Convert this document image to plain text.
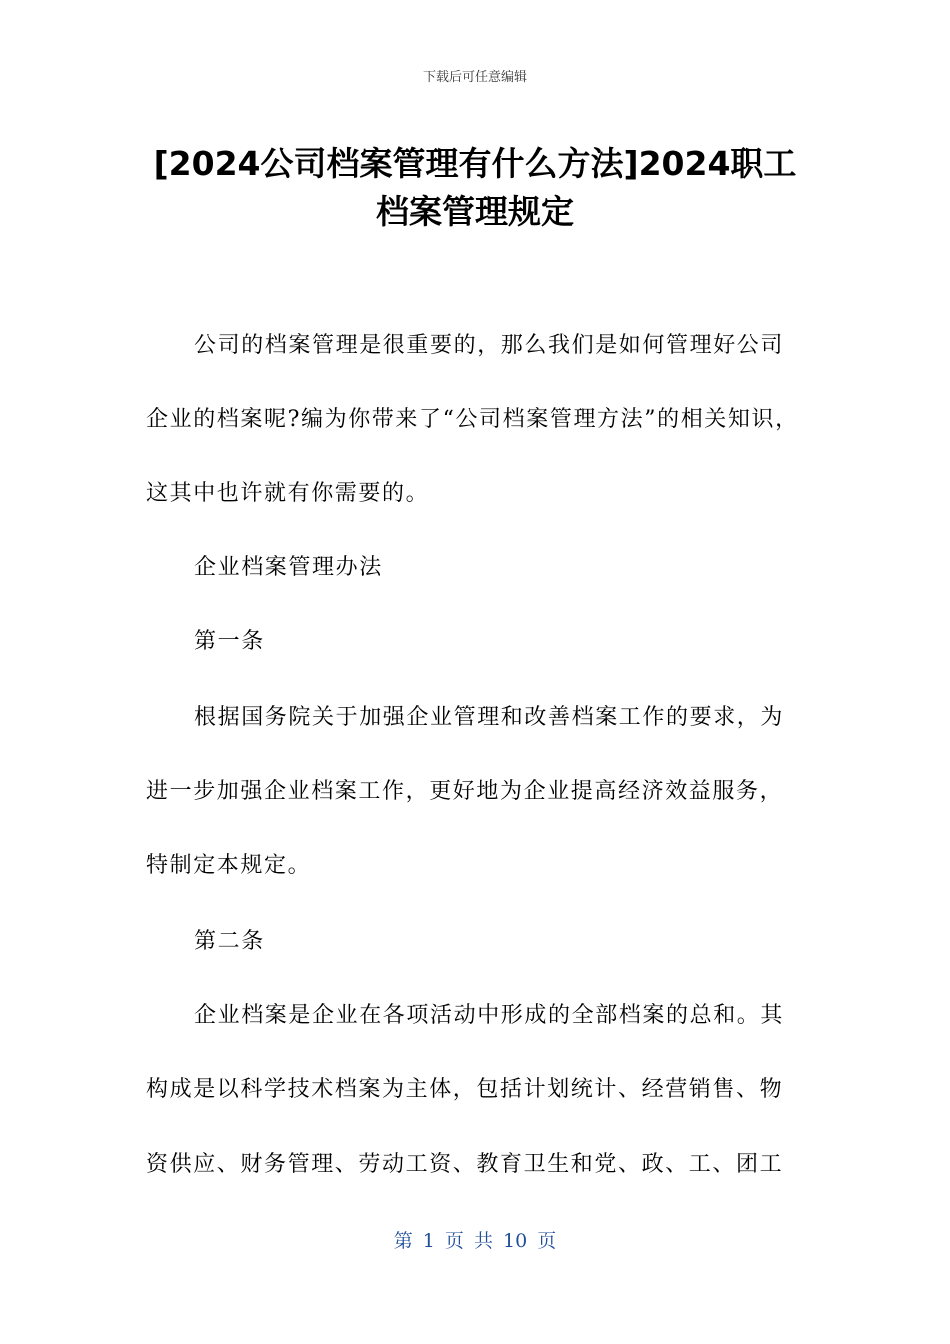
下载后可任意编辑
[2024公司档案管理有什么方法]2024职工
档案管理规定
公司的档案管理是很重要的，那么我们是如何管理好公司
企业的档案呢?编为你带来了“公司档案管理方法”的相关知识，
这其中也许就有你需要的。
企业档案管理办法
第一条
根据国务院关于加强企业管理和改善档案工作的要求，为
进一步加强企业档案工作，更好地为企业提高经济效益服务，
特制定本规定。
第二条
企业档案是企业在各项活动中形成的全部档案的总和。其
构成是以科学技术档案为主体，包括计划统计、经营销售、物
资供应、财务管理、劳动工资、教育卫生和党、政、工、团工
第 1 页 共 10 页
